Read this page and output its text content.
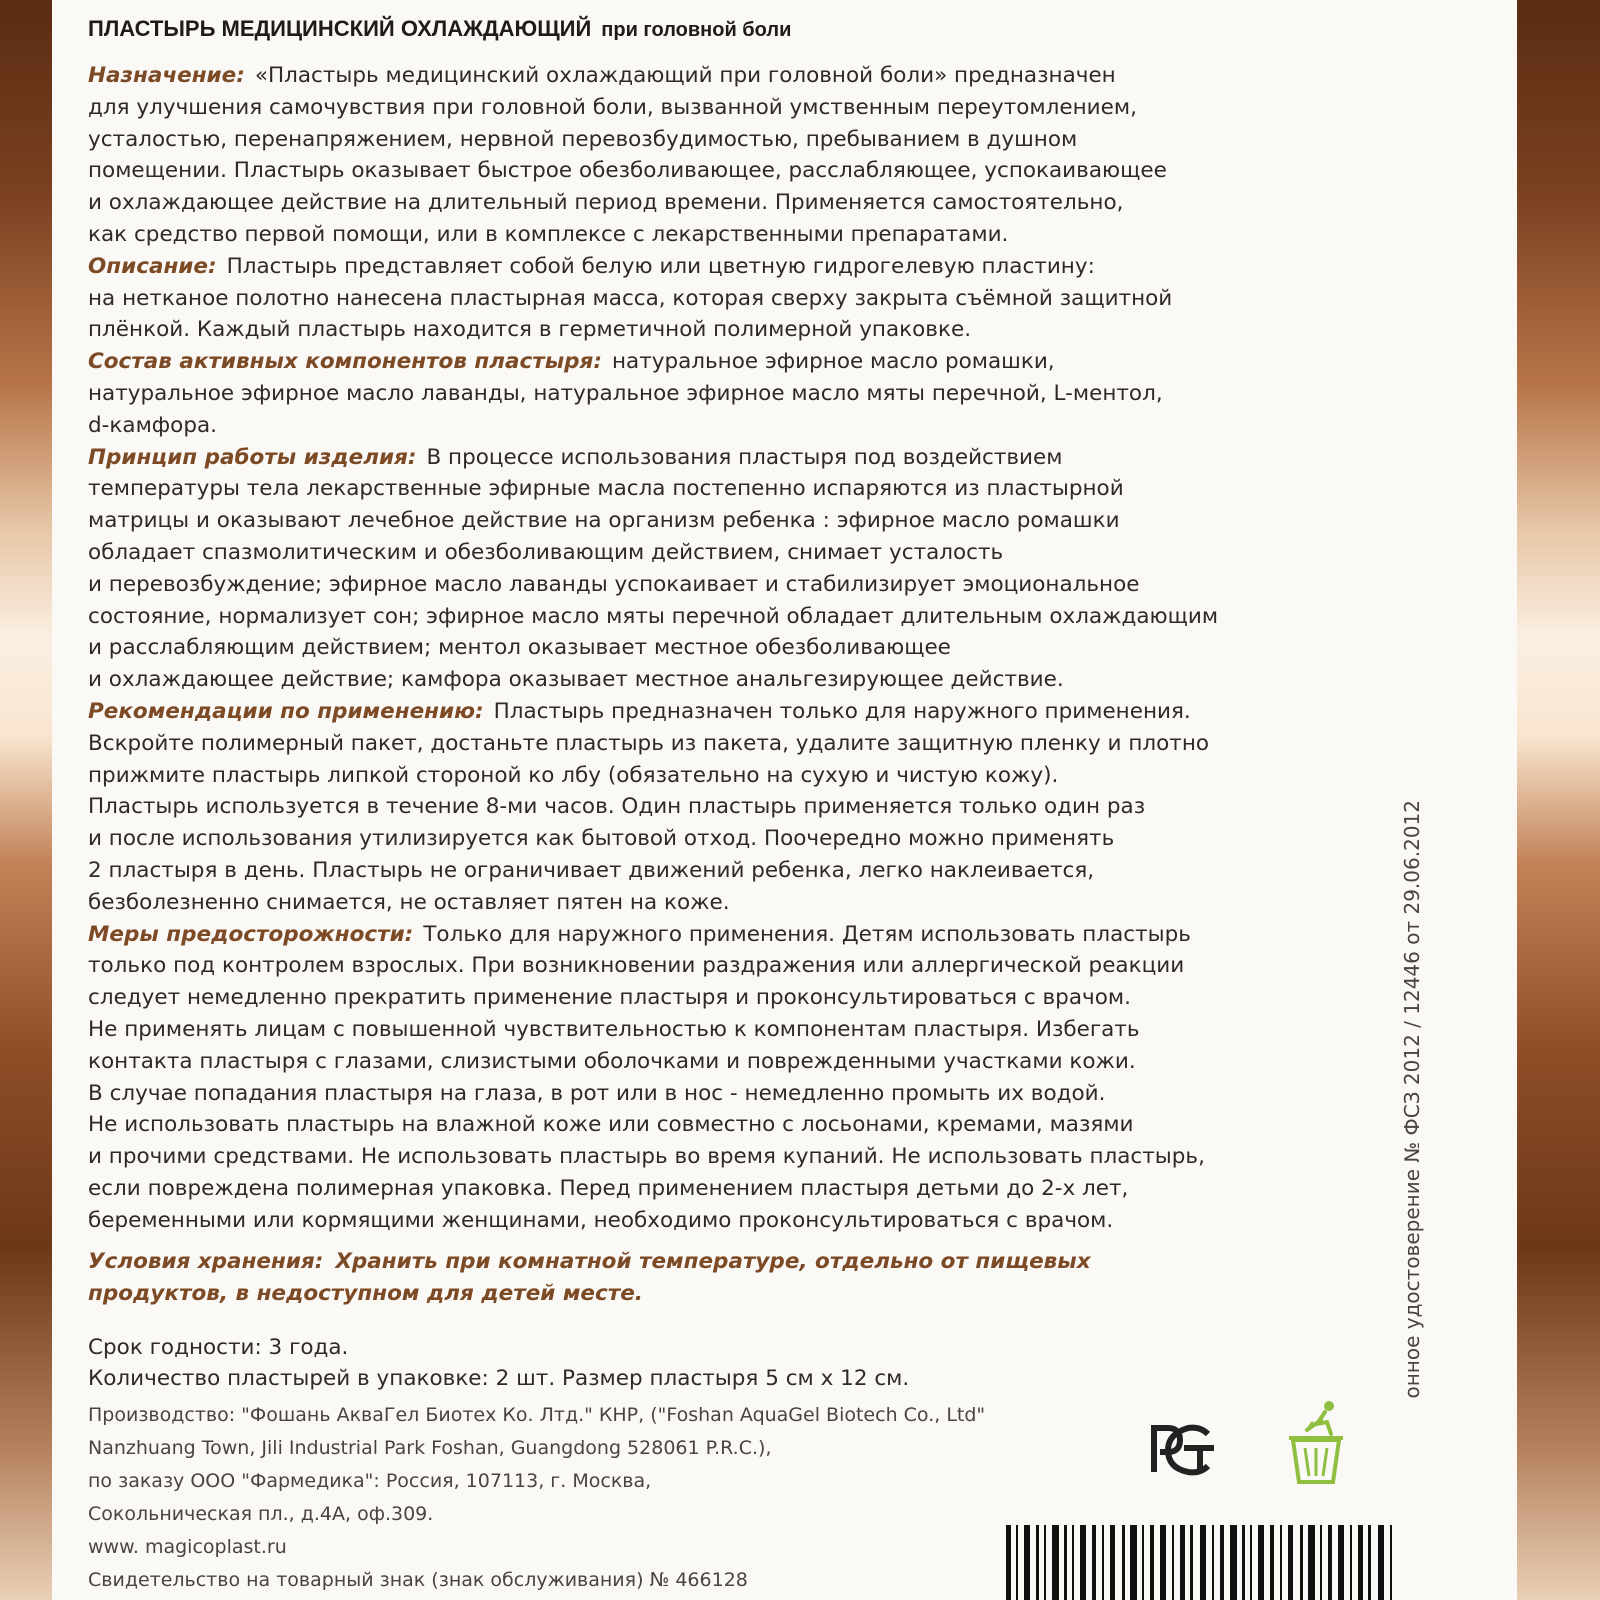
ПЛАСТЫРЬ МЕДИЦИНСКИЙ ОХЛАЖДАЮЩИЙ при головной боли

Назначение: «Пластырь медицинский охлаждающий при головной боли» предназначен
для улучшения самочувствия при головной боли, вызванной умственным переутомлением,
усталостью, перенапряжением, нервной перевозбудимостью, пребыванием в душном
помещении. Пластырь оказывает быстрое обезболивающее, расслабляющее, успокаивающее
и охлаждающее действие на длительный период времени. Применяется самостоятельно,
как средство первой помощи, или в комплексе с лекарственными препаратами.

Описание: Пластырь представляет собой белую или цветную гидрогелевую пластину:
на нетканое полотно нанесена пластырная масса, которая сверху закрыта съёмной защитной
плёнкой. Каждый пластырь находится в герметичной полимерной упаковке.

Состав активных компонентов пластыря: натуральное эфирное масло ромашки,
натуральное эфирное масло лаванды, натуральное эфирное масло мяты перечной, L-ментол,
d-камфора.

Принцип работы изделия: В процессе использования пластыря под воздействием
температуры тела лекарственные эфирные масла постепенно испаряются из пластырной
матрицы и оказывают лечебное действие на организм ребенка : эфирное масло ромашки
обладает спазмолитическим и обезболивающим действием, снимает усталость
и перевозбуждение; эфирное масло лаванды успокаивает и стабилизирует эмоциональное
состояние, нормализует сон; эфирное масло мяты перечной обладает длительным охлаждающим
и расслабляющим действием; ментол оказывает местное обезболивающее
и охлаждающее действие; камфора оказывает местное анальгезирующее действие.

Рекомендации по применению: Пластырь предназначен только для наружного применения.
Вскройте полимерный пакет, достаньте пластырь из пакета, удалите защитную пленку и плотно
прижмите пластырь липкой стороной ко лбу (обязательно на сухую и чистую кожу).
Пластырь используется в течение 8-ми часов. Один пластырь применяется только один раз
и после использования утилизируется как бытовой отход. Поочередно можно применять
2 пластыря в день. Пластырь не ограничивает движений ребенка, легко наклеивается,
безболезненно снимается, не оставляет пятен на коже.

Меры предосторожности: Только для наружного применения. Детям использовать пластырь
только под контролем взрослых. При возникновении раздражения или аллергической реакции
следует немедленно прекратить применение пластыря и проконсультироваться с врачом.
Не применять лицам с повышенной чувствительностью к компонентам пластыря. Избегать
контакта пластыря с глазами, слизистыми оболочками и поврежденными участками кожи.
В случае попадания пластыря на глаза, в рот или в нос - немедленно промыть их водой.
Не использовать пластырь на влажной коже или совместно с лосьонами, кремами, мазями
и прочими средствами. Не использовать пластырь во время купаний. Не использовать пластырь,
если повреждена полимерная упаковка. Перед применением пластыря детьми до 2-х лет,
беременными или кормящими женщинами, необходимо проконсультироваться с врачом.

Условия хранения: Хранить при комнатной температуре, отдельно от пищевых
продуктов, в недоступном для детей месте.

Срок годности: 3 года.
Количество пластырей в упаковке: 2 шт. Размер пластыря 5 см х 12 см.
Производство: "Фошань АкваГел Биотех Ко. Лтд." КНР, ("Foshan AquaGel Biotech Co., Ltd"
Nanzhuang Town, Jili Industrial Park Foshan, Guangdong 528061 P.R.C.),
по заказу ООО "Фармедика": Россия, 107113, г. Москва,
Сокольническая пл., д.4А, оф.309.
www. magicoplast.ru
Свидетельство на товарный знак (знак обслуживания) № 466128
онное удостоверение № ФСЗ 2012 / 12446 от 29.06.2012
